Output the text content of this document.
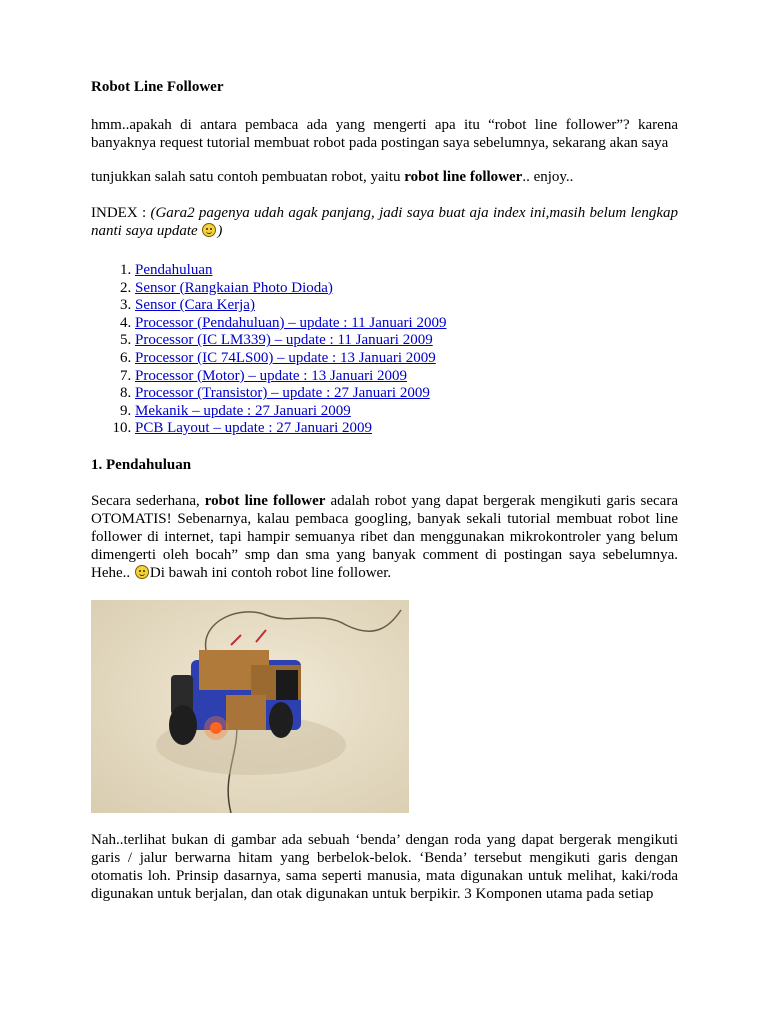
Robot Line Follower

hmm..apakah di antara pembaca ada yang mengerti apa itu “robot line follower”? karena banyaknya request tutorial membuat robot pada postingan saya sebelumnya, sekarang akan saya

tunjukkan salah satu contoh pembuatan robot, yaitu robot line follower.. enjoy..

INDEX : (Gara2 pagenya udah agak panjang, jadi saya buat aja index ini,masih belum lengkap nanti saya update )

1. Pendahuluan
2. Sensor (Rangkaian Photo Dioda)
3. Sensor (Cara Kerja)
4. Processor (Pendahuluan) – update : 11 Januari 2009
5. Processor (IC LM339) – update : 11 Januari 2009
6. Processor (IC 74LS00) – update : 13 Januari 2009
7. Processor (Motor) – update : 13 Januari 2009
8. Processor (Transistor) – update : 27 Januari 2009
9. Mekanik – update : 27 Januari 2009
10. PCB Layout – update : 27 Januari 2009
1. Pendahuluan

Secara sederhana, robot line follower adalah robot yang dapat bergerak mengikuti garis secara OTOMATIS! Sebenarnya, kalau pembaca googling, banyak sekali tutorial membuat robot line follower di internet, tapi hampir semuanya ribet dan menggunakan mikrokontroler yang belum dimengerti oleh bocah” smp dan sma yang banyak comment di postingan saya sebelumnya. Hehe.. Di bawah ini contoh robot line follower.

Nah..terlihat bukan di gambar ada sebuah ‘benda’ dengan roda yang dapat bergerak mengikuti garis / jalur berwarna hitam yang berbelok-belok. ‘Benda’ tersebut mengikuti garis dengan otomatis loh. Prinsip dasarnya, sama seperti manusia, mata digunakan untuk melihat, kaki/roda digunakan untuk berjalan, dan otak digunakan untuk berpikir. 3 Komponen utama pada setiap
